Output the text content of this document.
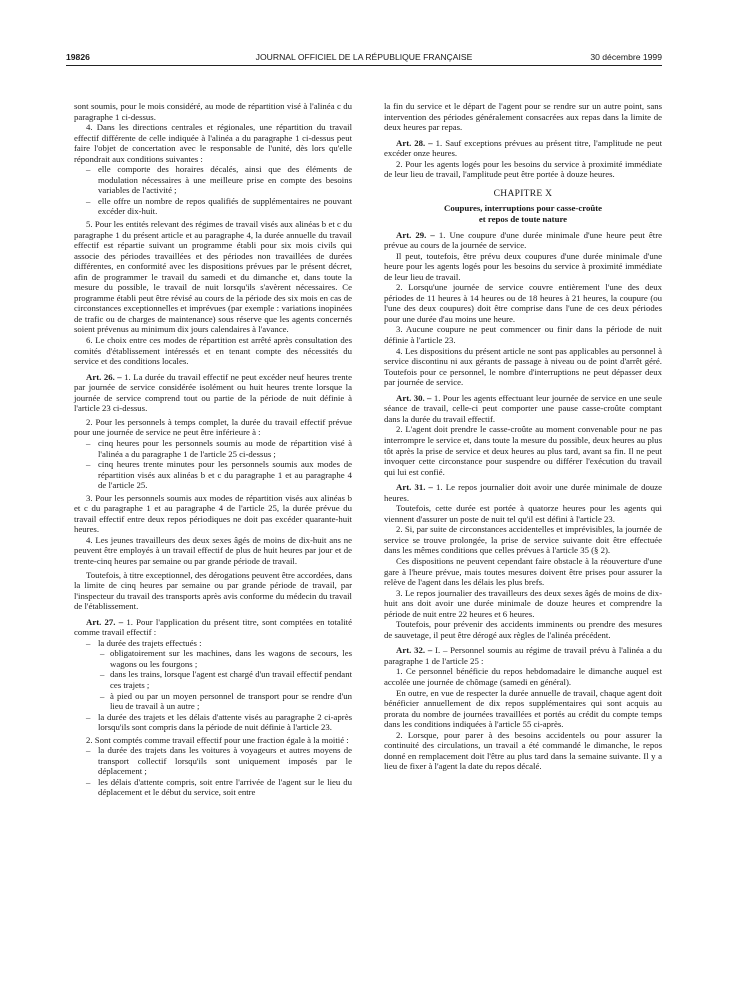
19826	JOURNAL OFFICIEL DE LA RÉPUBLIQUE FRANÇAISE	30 décembre 1999

sont soumis, pour le mois considéré, au mode de répartition visé à l'alinéa c du paragraphe 1 ci-dessus.

4. Dans les directions centrales et régionales, une répartition du travail effectif différente de celle indiquée à l'alinéa a du paragraphe 1 ci-dessus peut faire l'objet de concertation avec le responsable de l'unité, dès lors qu'elle répondrait aux conditions suivantes :

– elle comporte des horaires décalés, ainsi que des éléments de modulation nécessaires à une meilleure prise en compte des besoins variables de l'activité ;
– elle offre un nombre de repos qualifiés de supplémentaires ne pouvant excéder dix-huit.

5. Pour les entités relevant des régimes de travail visés aux alinéas b et c du paragraphe 1 du présent article et au paragraphe 4, la durée annuelle du travail effectif est répartie suivant un programme établi pour six mois civils qui associe des périodes travaillées et des périodes non travaillées de durées différentes, en conformité avec les dispositions prévues par le présent décret, afin de programmer le travail du samedi et du dimanche et, dans toute la mesure du possible, le travail de nuit lorsqu'ils s'avèrent nécessaires. Ce programme établi peut être révisé au cours de la période des six mois en cas de circonstances exceptionnelles et imprévues (par exemple : variations inopinées de trafic ou de charges de maintenance) sous réserve que les agents concernés soient prévenus au minimum dix jours calendaires à l'avance.

6. Le choix entre ces modes de répartition est arrêté après consultation des comités d'établissement intéressés et en tenant compte des nécessités du service et des conditions locales.

Art. 26. – 1. La durée du travail effectif ne peut excéder neuf heures trente par journée de service considérée isolément ou huit heures trente lorsque la journée de service comprend tout ou partie de la période de nuit définie à l'article 23 ci-dessus.

2. Pour les personnels à temps complet, la durée du travail effectif prévue pour une journée de service ne peut être inférieure à :

– cinq heures pour les personnels soumis au mode de répartition visé à l'alinéa a du paragraphe 1 de l'article 25 ci-dessus ;
– cinq heures trente minutes pour les personnels soumis aux modes de répartition visés aux alinéas b et c du paragraphe 1 et au paragraphe 4 de l'article 25.

3. Pour les personnels soumis aux modes de répartition visés aux alinéas b et c du paragraphe 1 et au paragraphe 4 de l'article 25, la durée prévue du travail effectif entre deux repos périodiques ne doit pas excéder quarante-huit heures.

4. Les jeunes travailleurs des deux sexes âgés de moins de dix-huit ans ne peuvent être employés à un travail effectif de plus de huit heures par jour et de trente-cinq heures par semaine ou par grande période de travail.

Toutefois, à titre exceptionnel, des dérogations peuvent être accordées, dans la limite de cinq heures par semaine ou par grande période de travail, par l'inspecteur du travail des transports après avis conforme du médecin du travail de l'établissement.

Art. 27. – 1. Pour l'application du présent titre, sont comptées en totalité comme travail effectif :

– la durée des trajets effectués :
– obligatoirement sur les machines, dans les wagons de secours, les wagons ou les fourgons ;
– dans les trains, lorsque l'agent est chargé d'un travail effectif pendant ces trajets ;
– à pied ou par un moyen personnel de transport pour se rendre d'un lieu de travail à un autre ;
– la durée des trajets et les délais d'attente visés au paragraphe 2 ci-après lorsqu'ils sont compris dans la période de nuit définie à l'article 23.

2. Sont comptés comme travail effectif pour une fraction égale à la moitié :

– la durée des trajets dans les voitures à voyageurs et autres moyens de transport collectif lorsqu'ils sont uniquement imposés par le déplacement ;
– les délais d'attente compris, soit entre l'arrivée de l'agent sur le lieu du déplacement et le début du service, soit entre

la fin du service et le départ de l'agent pour se rendre sur un autre point, sans intervention des périodes généralement consacrées aux repas dans la limite de deux heures par repas.

Art. 28. – 1. Sauf exceptions prévues au présent titre, l'amplitude ne peut excéder onze heures.

2. Pour les agents logés pour les besoins du service à proximité immédiate de leur lieu de travail, l'amplitude peut être portée à douze heures.

CHAPITRE X
Coupures, interruptions pour casse-croûte
et repos de toute nature

Art. 29. – 1. Une coupure d'une durée minimale d'une heure peut être prévue au cours de la journée de service.

Il peut, toutefois, être prévu deux coupures d'une durée minimale d'une heure pour les agents logés pour les besoins du service à proximité immédiate de leur lieu de travail.

2. Lorsqu'une journée de service couvre entièrement l'une des deux périodes de 11 heures à 14 heures ou de 18 heures à 21 heures, la coupure (ou l'une des deux coupures) doit être comprise dans l'une de ces deux périodes pour une durée d'au moins une heure.

3. Aucune coupure ne peut commencer ou finir dans la période de nuit définie à l'article 23.

4. Les dispositions du présent article ne sont pas applicables au personnel à service discontinu ni aux gérants de passage à niveau ou de point d'arrêt géré. Toutefois pour ce personnel, le nombre d'interruptions ne peut dépasser deux par journée de service.

Art. 30. – 1. Pour les agents effectuant leur journée de service en une seule séance de travail, celle-ci peut comporter une pause casse-croûte comptant dans la durée du travail effectif.

2. L'agent doit prendre le casse-croûte au moment convenable pour ne pas interrompre le service et, dans toute la mesure du possible, deux heures au plus tôt après la prise de service et deux heures au plus tard, avant sa fin. Il ne peut invoquer cette circonstance pour suspendre ou différer l'exécution du travail qui lui est confié.

Art. 31. – 1. Le repos journalier doit avoir une durée minimale de douze heures.

Toutefois, cette durée est portée à quatorze heures pour les agents qui viennent d'assurer un poste de nuit tel qu'il est défini à l'article 23.

2. Si, par suite de circonstances accidentelles et imprévisibles, la journée de service se trouve prolongée, la prise de service suivante doit être effectuée dans les mêmes conditions que celles prévues à l'article 35 (§ 2).

Ces dispositions ne peuvent cependant faire obstacle à la réouverture d'une gare à l'heure prévue, mais toutes mesures doivent être prises pour assurer la relève de l'agent dans les délais les plus brefs.

3. Le repos journalier des travailleurs des deux sexes âgés de moins de dix-huit ans doit avoir une durée minimale de douze heures et comprendre la période de nuit entre 22 heures et 6 heures.

Toutefois, pour prévenir des accidents imminents ou prendre des mesures de sauvetage, il peut être dérogé aux règles de l'alinéa précédent.

Art. 32. – I. – Personnel soumis au régime de travail prévu à l'alinéa a du paragraphe 1 de l'article 25 :

1. Ce personnel bénéficie du repos hebdomadaire le dimanche auquel est accolée une journée de chômage (samedi en général).

En outre, en vue de respecter la durée annuelle de travail, chaque agent doit bénéficier annuellement de dix repos supplémentaires qui sont acquis au prorata du nombre de journées travaillées et portés au crédit du compte temps dans les conditions indiquées à l'article 55 ci-après.

2. Lorsque, pour parer à des besoins accidentels ou pour assurer la continuité des circulations, un travail a été commandé le dimanche, le repos donné en remplacement doit l'être au plus tard dans la semaine suivante. Il y a lieu de fixer à l'agent la date du repos décalé.
